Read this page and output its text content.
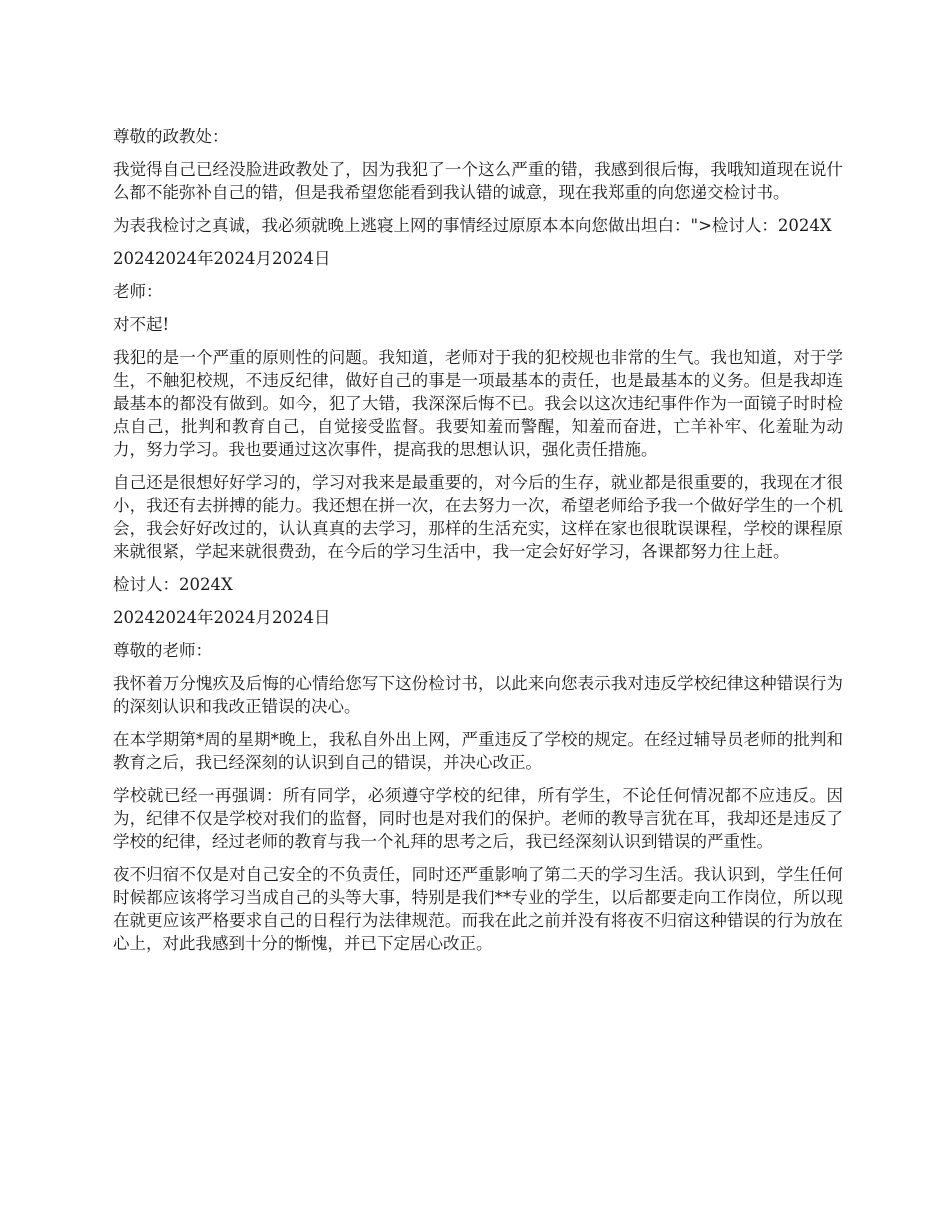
尊敬的政教处：

我觉得自己已经没脸进政教处了，因为我犯了一个这么严重的错，我感到很后悔，我哦知道现在说什么都不能弥补自己的错，但是我希望您能看到我认错的诚意，现在我郑重的向您递交检讨书。

为表我检讨之真诚，我必须就晚上逃寝上网的事情经过原原本本向您做出坦白：">检讨人：2024X

20242024年2024月2024日

老师：

对不起!

我犯的是一个严重的原则性的问题。我知道，老师对于我的犯校规也非常的生气。我也知道，对于学生，不触犯校规，不违反纪律，做好自己的事是一项最基本的责任，也是最基本的义务。但是我却连最基本的都没有做到。如今，犯了大错，我深深后悔不已。我会以这次违纪事件作为一面镜子时时检点自己，批判和教育自己，自觉接受监督。我要知羞而警醒，知羞而奋进，亡羊补牢、化羞耻为动力，努力学习。我也要通过这次事件，提高我的思想认识，强化责任措施。

自己还是很想好好学习的，学习对我来是最重要的，对今后的生存，就业都是很重要的，我现在才很小，我还有去拼搏的能力。我还想在拼一次，在去努力一次，希望老师给予我一个做好学生的一个机会，我会好好改过的，认认真真的去学习，那样的生活充实，这样在家也很耽误课程，学校的课程原来就很紧，学起来就很费劲，在今后的学习生活中，我一定会好好学习，各课都努力往上赶。

检讨人：2024X

20242024年2024月2024日

尊敬的老师：

我怀着万分愧疚及后悔的心情给您写下这份检讨书，以此来向您表示我对违反学校纪律这种错误行为的深刻认识和我改正错误的决心。

在本学期第*周的星期*晚上，我私自外出上网，严重违反了学校的规定。在经过辅导员老师的批判和教育之后，我已经深刻的认识到自己的错误，并决心改正。

学校就已经一再强调：所有同学，必须遵守学校的纪律，所有学生，不论任何情况都不应违反。因为，纪律不仅是学校对我们的监督，同时也是对我们的保护。老师的教导言犹在耳，我却还是违反了学校的纪律，经过老师的教育与我一个礼拜的思考之后，我已经深刻认识到错误的严重性。

夜不归宿不仅是对自己安全的不负责任，同时还严重影响了第二天的学习生活。我认识到，学生任何时候都应该将学习当成自己的头等大事，特别是我们**专业的学生，以后都要走向工作岗位，所以现在就更应该严格要求自己的日程行为法律规范。而我在此之前并没有将夜不归宿这种错误的行为放在心上，对此我感到十分的惭愧，并已下定居心改正。
